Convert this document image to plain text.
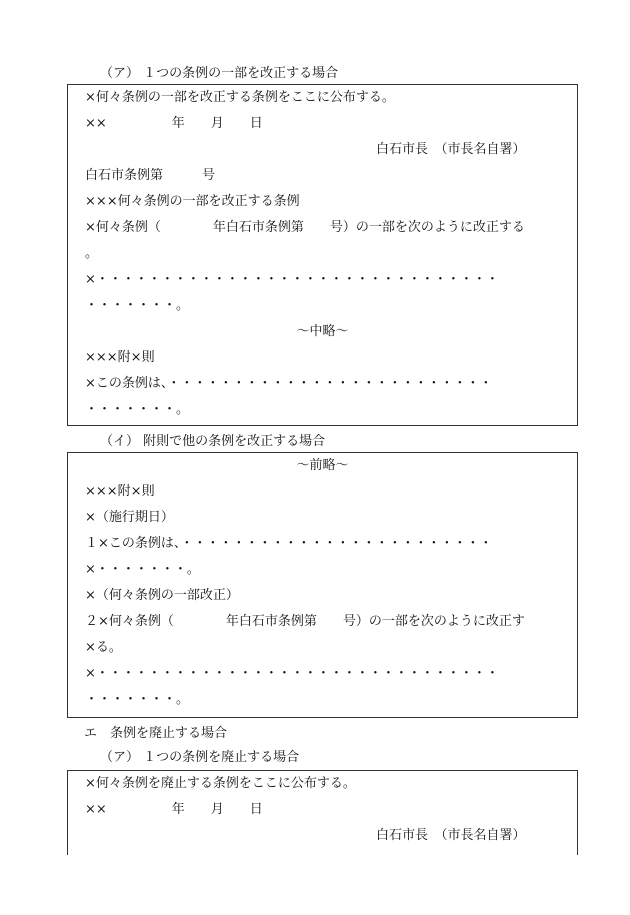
（ア） １つの条例の一部を改正する場合
×何々条例の一部を改正する条例をここに公布する。
××　　　　　年　　月　　日
白石市長　（市長名自署）
白石市条例第　　　号
×××何々条例の一部を改正する条例
×何々条例（　　　　年白石市条例第　　号）の一部を次のように改正する
。
×・・・・・・・・・・・・・・・・・・・・・・・・・・・・・・・
・・・・・・・。
～中略～
×××附×則
×この条例は、・・・・・・・・・・・・・・・・・・・・・・・・・
・・・・・・・。
（イ） 附則で他の条例を改正する場合
～前略～
×××附×則
×（施行期日）
１×この条例は、・・・・・・・・・・・・・・・・・・・・・・・・
×・・・・・・・。
×（何々条例の一部改正）
２×何々条例（　　　　年白石市条例第　　号）の一部を次のように改正す
×る。
×・・・・・・・・・・・・・・・・・・・・・・・・・・・・・・・
・・・・・・・。
エ　条例を廃止する場合
（ア） １つの条例を廃止する場合
×何々条例を廃止する条例をここに公布する。
××　　　　　年　　月　　日
白石市長　（市長名自署）
